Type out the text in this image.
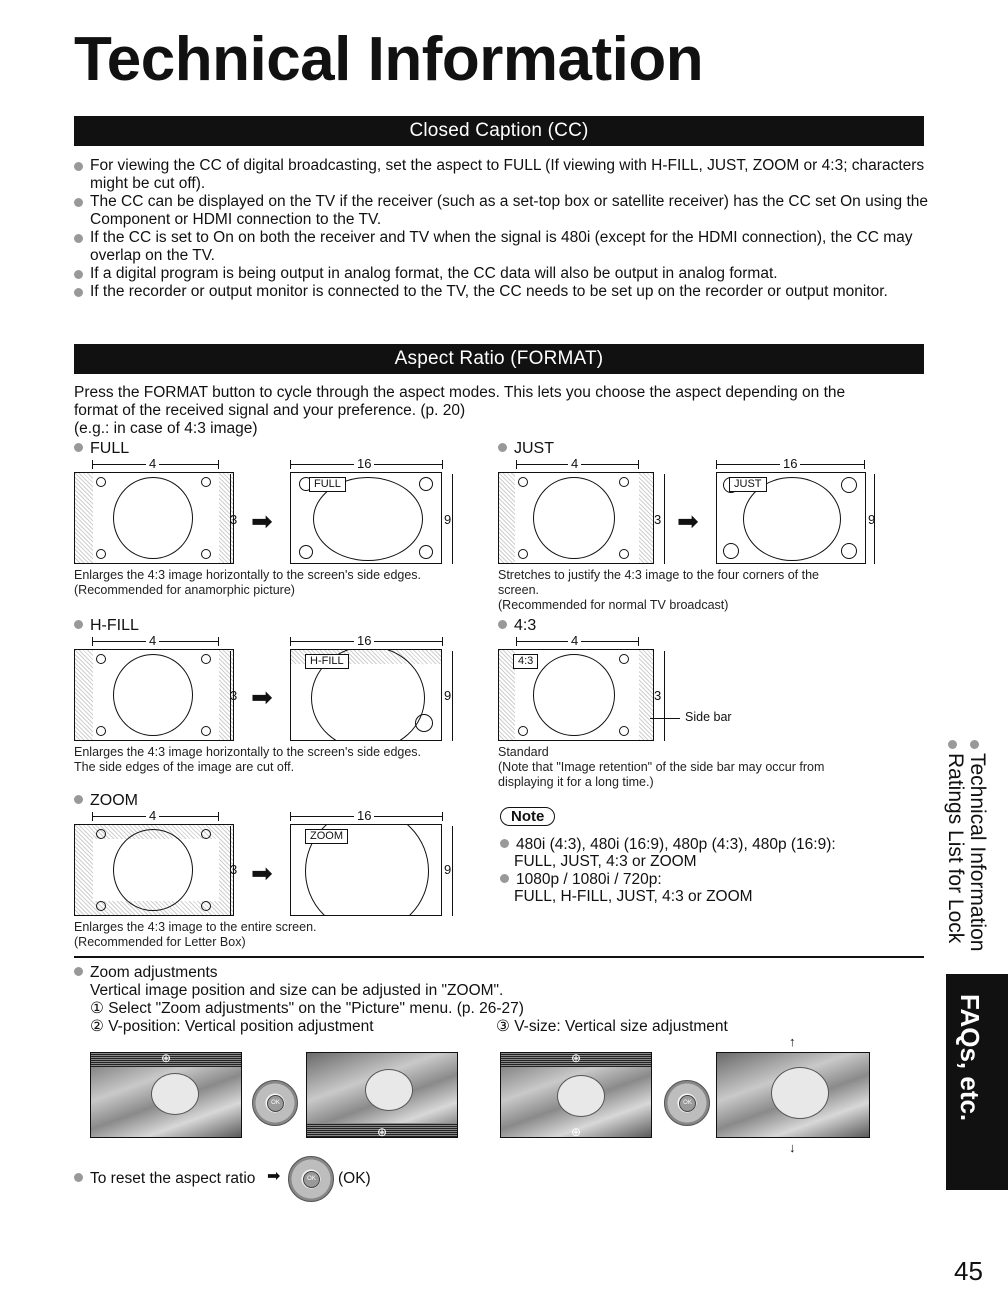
Technical Information
Closed Caption (CC)
For viewing the CC of digital broadcasting, set the aspect to FULL (If viewing with H-FILL, JUST, ZOOM or 4:3; characters might be cut off).
The CC can be displayed on the TV if the receiver (such as a set-top box or satellite receiver) has the CC set On using the Component or HDMI connection to the TV.
If the CC is set to On on both the receiver and TV when the signal is 480i (except for the HDMI connection), the CC may overlap on the TV.
If a digital program is being output in analog format, the CC data will also be output in analog format.
If the recorder or output monitor is connected to the TV, the CC needs to be set up on the recorder or output monitor.
Aspect Ratio (FORMAT)
Press the FORMAT button to cycle through the aspect modes. This lets you choose the aspect depending on the
format of the received signal and your preference. (p. 20)
(e.g.: in case of 4:3 image)
FULL
4
3 ➡
16
FULL
9
Enlarges the 4:3 image horizontally to the screen's side edges.
(Recommended for anamorphic picture)
JUST
4
3 ➡
16
JUST
9
Stretches to justify the 4:3 image to the four corners of the
screen.
(Recommended for normal TV broadcast)
H-FILL
4
3 ➡
16
H-FILL
9
Enlarges the 4:3 image horizontally to the screen's side edges.
The side edges of the image are cut off.
4:3
4
4:3
3
Side bar
Standard
(Note that "Image retention" of the side bar may occur from
displaying it for a long time.)
ZOOM
4
3 ➡
16
ZOOM
9
Enlarges the 4:3 image to the entire screen.
(Recommended for Letter Box)
Note
480i (4:3), 480i (16:9), 480p (4:3), 480p (16:9):
FULL, JUST, 4:3 or ZOOM
1080p / 1080i / 720p:
FULL, H-FILL, JUST, 4:3 or ZOOM
Zoom adjustments
Vertical image position and size can be adjusted in "ZOOM".
① Select "Zoom adjustments" on the "Picture" menu. (p. 26-27)
② V-position: Vertical position adjustment	③ V-size: Vertical size adjustment
⊕
OK
⊕
⊕
⊕
OK
↑
↓
To reset the aspect ratio ➡	OK (OK)
Technical Information
Ratings List for Lock
FAQs, etc.
45
